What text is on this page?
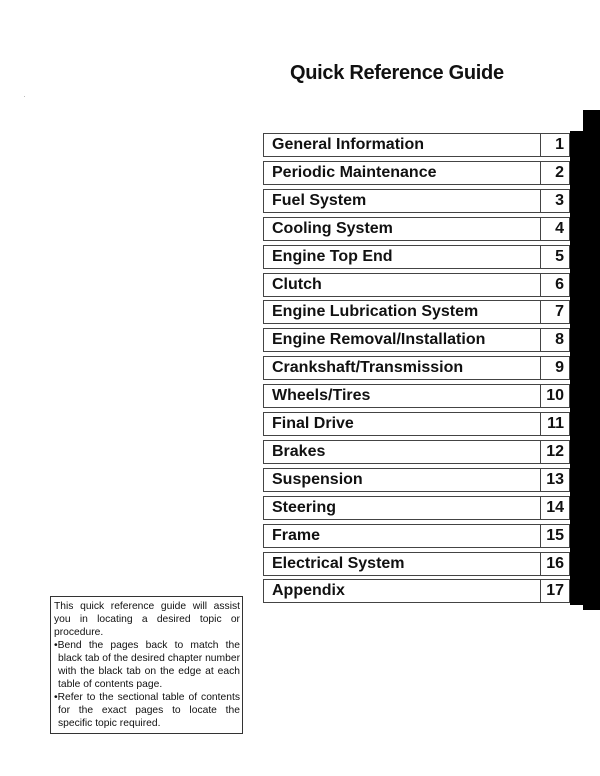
Quick Reference Guide
General Information	1
Periodic Maintenance	2
Fuel System	3
Cooling System	4
Engine Top End	5
Clutch	6
Engine Lubrication System	7
Engine Removal/Installation	8
Crankshaft/Transmission	9
Wheels/Tires	10
Final Drive	11
Brakes	12
Suspension	13
Steering	14
Frame	15
Electrical System	16
Appendix	17

This quick reference guide will assist you in locating a desired topic or procedure.

•Bend the pages back to match the black tab of the desired chapter number with the black tab on the edge at each table of contents page.

•Refer to the sectional table of contents for the exact pages to locate the specific topic required.
